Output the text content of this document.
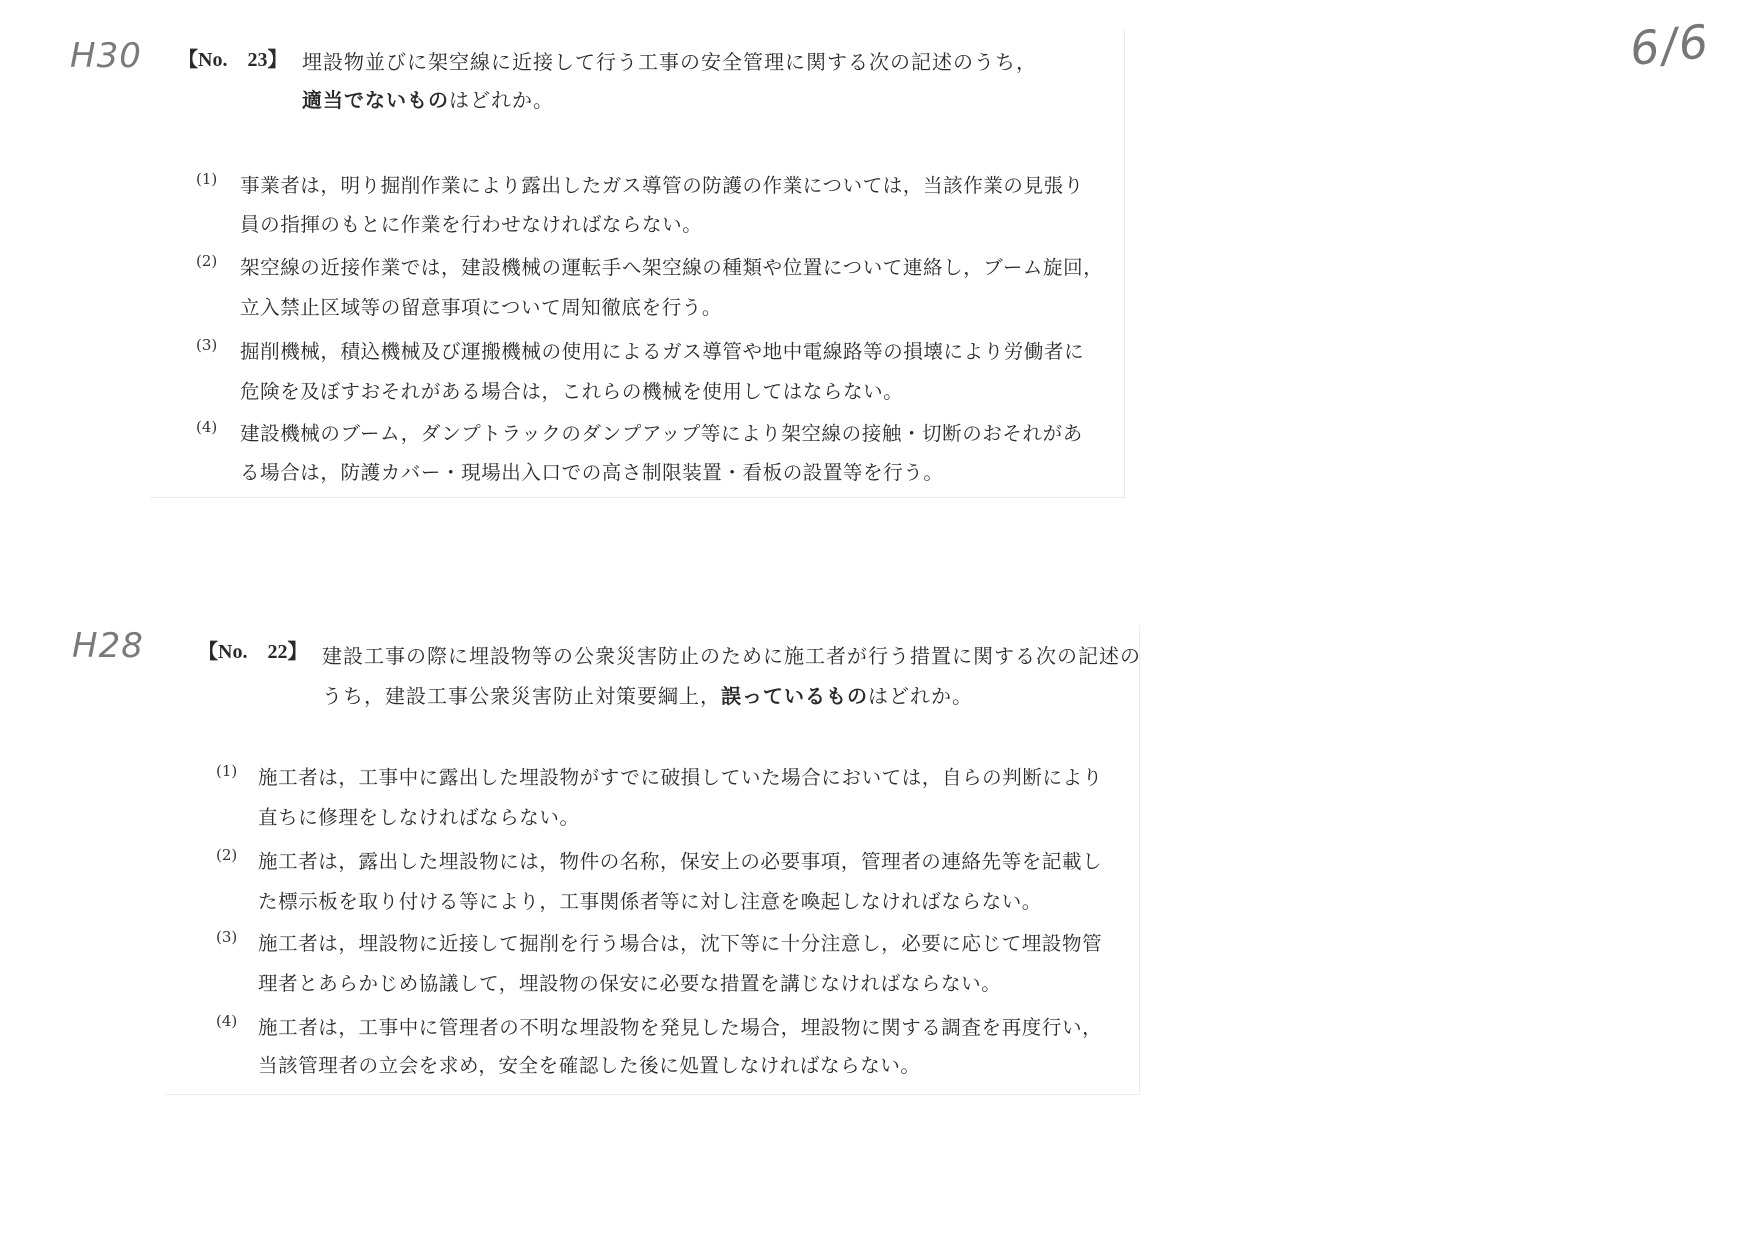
6/6
H30 【No.　23】 埋設物並びに架空線に近接して行う工事の安全管理に関する次の記述のうち，
適当でないものはどれか。
(1) 事業者は，明り掘削作業により露出したガス導管の防護の作業については，当該作業の見張り
員の指揮のもとに作業を行わせなければならない。
(2) 架空線の近接作業では，建設機械の運転手へ架空線の種類や位置について連絡し，ブーム旋回，
立入禁止区域等の留意事項について周知徹底を行う。
(3) 掘削機械，積込機械及び運搬機械の使用によるガス導管や地中電線路等の損壊により労働者に
危険を及ぼすおそれがある場合は，これらの機械を使用してはならない。
(4) 建設機械のブーム，ダンプトラックのダンプアップ等により架空線の接触・切断のおそれがあ
る場合は，防護カバー・現場出入口での高さ制限装置・看板の設置等を行う。
H28	【No.　22】 建設工事の際に埋設物等の公衆災害防止のために施工者が行う措置に関する次の記述の
うち，建設工事公衆災害防止対策要綱上，誤っているものはどれか。
(1) 施工者は，工事中に露出した埋設物がすでに破損していた場合においては，自らの判断により
直ちに修理をしなければならない。
(2) 施工者は，露出した埋設物には，物件の名称，保安上の必要事項，管理者の連絡先等を記載し
た標示板を取り付ける等により，工事関係者等に対し注意を喚起しなければならない。
(3) 施工者は，埋設物に近接して掘削を行う場合は，沈下等に十分注意し，必要に応じて埋設物管
理者とあらかじめ協議して，埋設物の保安に必要な措置を講じなければならない。
(4) 施工者は，工事中に管理者の不明な埋設物を発見した場合，埋設物に関する調査を再度行い，
当該管理者の立会を求め，安全を確認した後に処置しなければならない。
